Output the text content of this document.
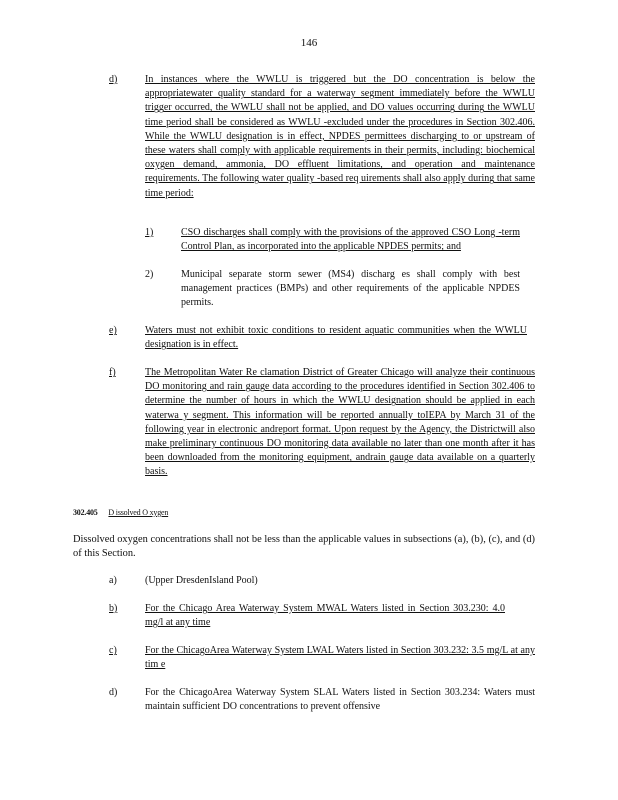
146
d)	In instances where the WWLU is triggered but the DO concentration is below the appropriatewater quality standard for a waterway segment immediately before the WWLU trigger occurred, the WWLU shall not be applied, and DO values occurring during the WWLU time period shall be considered as WWLU -excluded under the procedures in Section 302.406. While the WWLU designation is in effect, NPDES permittees discharging to or upstream of these waters shall comply with applicable requirements in their permits, including: biochemical oxygen demand, ammonia, DO effluent limitations, and operation and maintenance requirements. The following water quality -based req uirements shall also apply during that same time period:
1)	CSO discharges shall comply with the provisions of the approved CSO Long -term Control Plan, as incorporated into the applicable NPDES permits; and
2)	Municipal separate storm sewer (MS4) discharg es shall comply with best management practices (BMPs) and other requirements of the applicable NPDES permits.
e)	Waters must not exhibit toxic conditions to resident aquatic communities when the WWLU designation is in effect.
f)	The Metropolitan Water Re clamation District of Greater Chicago will analyze their continuous DO monitoring and rain gauge data according to the procedures identified in Section 302.406 to determine the number of hours in which the WWLU designation should be applied in each waterwa y segment. This information will be reported annually toIEPA by March 31 of the following year in electronic andreport format. Upon request by the Agency, the Districtwill also make preliminary continuous DO monitoring data available no later than one month after it has been downloaded from the monitoring equipment, andrain gauge data available on a quarterly basis.
302.405 D issolved O xygen
Dissolved oxygen concentrations shall not be less than the applicable values in subsections (a), (b), (c), and (d) of this Section.
a)	(Upper DresdenIsland Pool)
b)	For the Chicago Area Waterway System MWAL Waters listed in Section 303.230: 4.0 mg/l at any time
c)	For the ChicagoArea Waterway System LWAL Waters listed in Section 303.232: 3.5 mg/L at any tim e
d)	For the ChicagoArea Waterway System SLAL Waters listed in Section 303.234: Waters must maintain sufficient DO concentrations to prevent offensive
